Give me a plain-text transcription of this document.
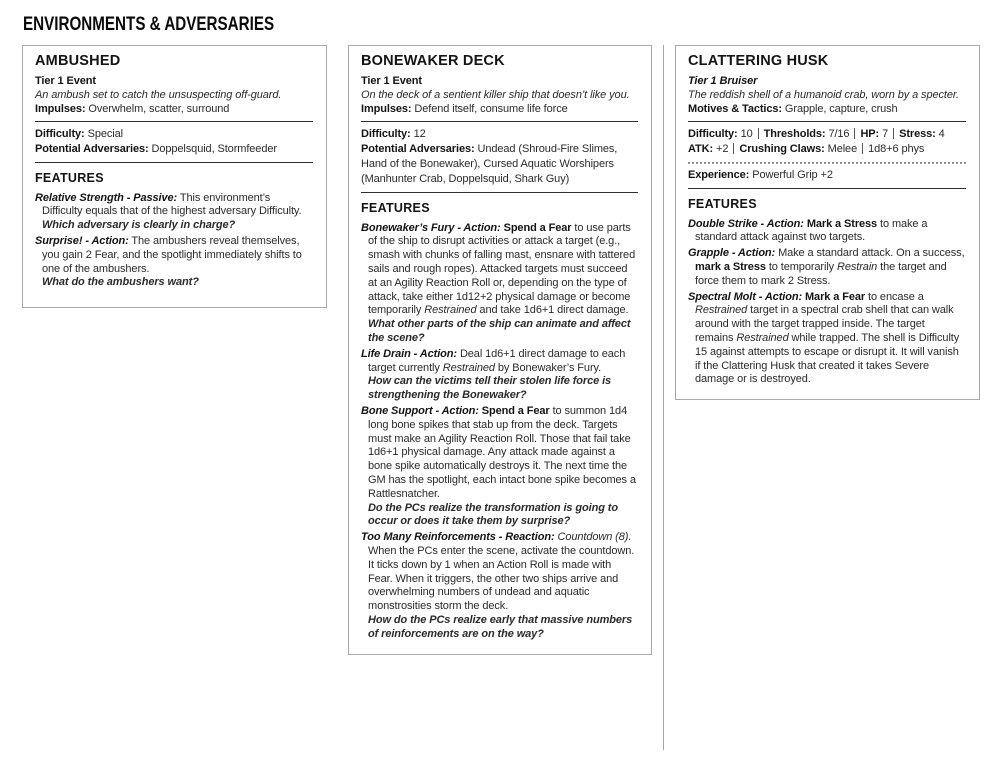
ENVIRONMENTS & ADVERSARIES
AMBUSHED
Tier 1 Event
An ambush set to catch the unsuspecting off-guard.
Impulses: Overwhelm, scatter, surround
Difficulty: Special
Potential Adversaries: Doppelsquid, Stormfeeder
FEATURES
Relative Strength - Passive: This environment’s Difficulty equals that of the highest adversary Difficulty.
Which adversary is clearly in charge?
Surprise! - Action: The ambushers reveal themselves, you gain 2 Fear, and the spotlight immediately shifts to one of the ambushers.
What do the ambushers want?
BONEWAKER DECK
Tier 1 Event
On the deck of a sentient killer ship that doesn’t like you.
Impulses: Defend itself, consume life force
Difficulty: 12
Potential Adversaries: Undead (Shroud-Fire Slimes, Hand of the Bonewaker), Cursed Aquatic Worshipers (Manhunter Crab, Doppelsquid, Shark Guy)
FEATURES
Bonewaker’s Fury - Action: Spend a Fear to use parts of the ship to disrupt activities or attack a target (e.g., smash with chunks of falling mast, ensnare with tattered sails and rough ropes). Attacked targets must succeed at an Agility Reaction Roll or, depending on the type of attack, take either 1d12+2 physical damage or become temporarily Restrained and take 1d6+1 direct damage.
What other parts of the ship can animate and affect the scene?
Life Drain - Action: Deal 1d6+1 direct damage to each target currently Restrained by Bonewaker’s Fury.
How can the victims tell their stolen life force is strengthening the Bonewaker?
Bone Support - Action: Spend a Fear to summon 1d4 long bone spikes that stab up from the deck. Targets must make an Agility Reaction Roll. Those that fail take 1d6+1 physical damage. Any attack made against a bone spike automatically destroys it. The next time the GM has the spotlight, each intact bone spike becomes a Rattlesnatcher.
Do the PCs realize the transformation is going to occur or does it take them by surprise?
Too Many Reinforcements - Reaction: Countdown (8). When the PCs enter the scene, activate the countdown. It ticks down by 1 when an Action Roll is made with Fear. When it triggers, the other two ships arrive and overwhelming numbers of undead and aquatic monstrosities storm the deck.
How do the PCs realize early that massive numbers of reinforcements are on the way?
CLATTERING HUSK
Tier 1 Bruiser
The reddish shell of a humanoid crab, worn by a specter.
Motives & Tactics: Grapple, capture, crush
Difficulty: 10 Thresholds: 7/16 HP: 7 Stress: 4
ATK: +2 Crushing Claws: Melee 1d8+6 phys
Experience: Powerful Grip +2
FEATURES
Double Strike - Action: Mark a Stress to make a standard attack against two targets.
Grapple - Action: Make a standard attack. On a success, mark a Stress to temporarily Restrain the target and force them to mark 2 Stress.
Spectral Molt - Action: Mark a Fear to encase a Restrained target in a spectral crab shell that can walk around with the target trapped inside. The target remains Restrained while trapped. The shell is Difficulty 15 against attempts to escape or disrupt it. It will vanish if the Clattering Husk that created it takes Severe damage or is destroyed.
